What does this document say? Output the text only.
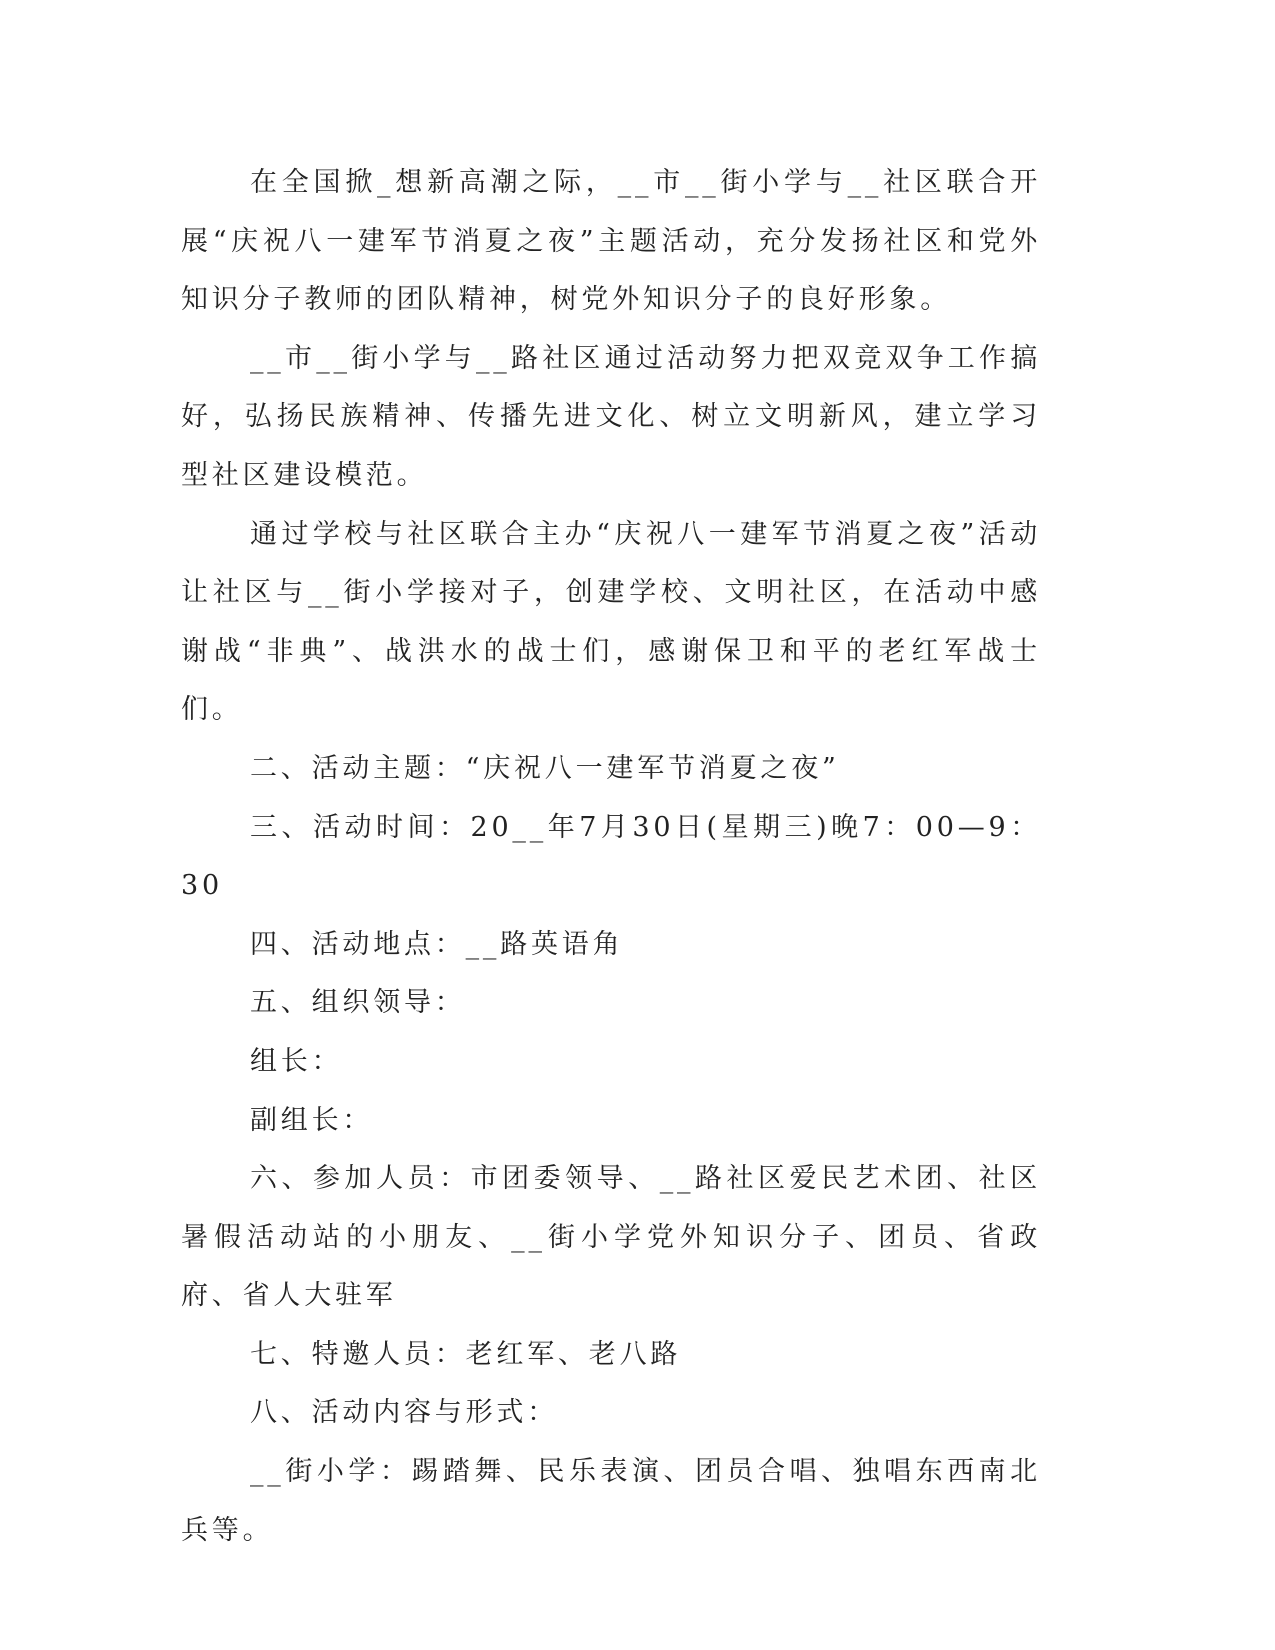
在全国掀_想新高潮之际，__市__街小学与__社区联合开展“庆祝八一建军节消夏之夜”主题活动，充分发扬社区和党外知识分子教师的团队精神，树党外知识分子的良好形象。

__市__街小学与__路社区通过活动努力把双竞双争工作搞好，弘扬民族精神、传播先进文化、树立文明新风，建立学习型社区建设模范。

通过学校与社区联合主办“庆祝八一建军节消夏之夜”活动让社区与__街小学接对子，创建学校、文明社区，在活动中感谢战“非典”、战洪水的战士们，感谢保卫和平的老红军战士们。

二、活动主题：“庆祝八一建军节消夏之夜”

三、活动时间：20__年7月30日(星期三)晚7：00—9：30

四、活动地点：__路英语角

五、组织领导：

组长：

副组长：

六、参加人员：市团委领导、__路社区爱民艺术团、社区暑假活动站的小朋友、__街小学党外知识分子、团员、省政府、省人大驻军

七、特邀人员：老红军、老八路

八、活动内容与形式：

__街小学：踢踏舞、民乐表演、团员合唱、独唱东西南北兵等。
